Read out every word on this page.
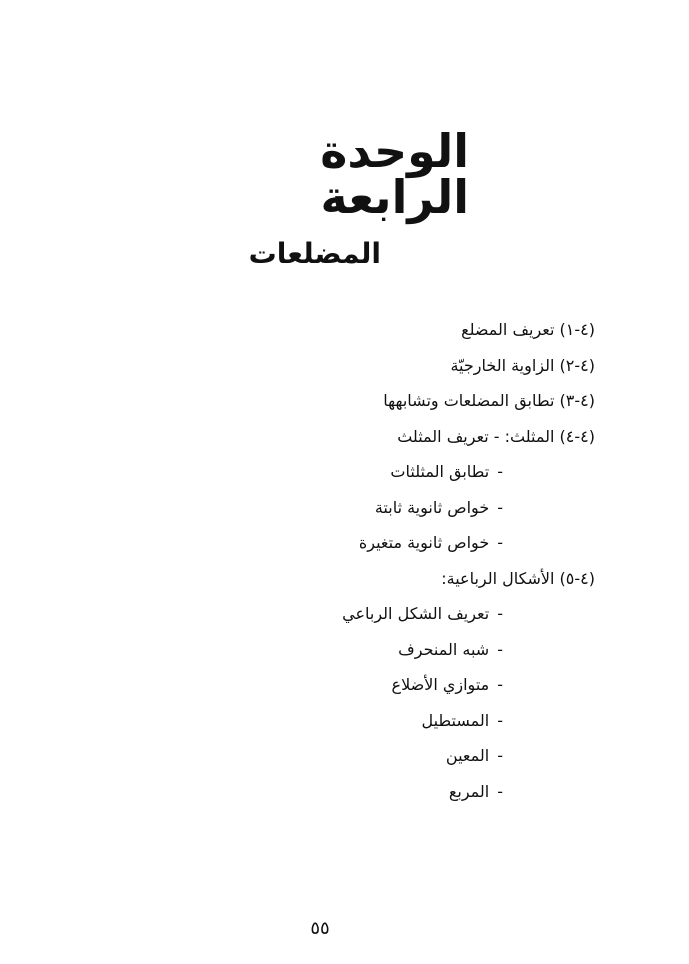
الوحدة الرابعة
المضلعات
(٤-١) تعريف المضلع
(٤-٢) الزاوية الخارجيّة
(٤-٣) تطابق المضلعات وتشابهها
(٤-٤) المثلث: - تعريف المثلث
-تطابق المثلثات
-خواص ثانوية ثابتة
-خواص ثانوية متغيرة
(٤-٥) الأشكال الرباعية:
-تعريف الشكل الرباعي
-شبه المنحرف
-متوازي الأضلاع
-المستطيل
-المعين
-المربع
٥٥
